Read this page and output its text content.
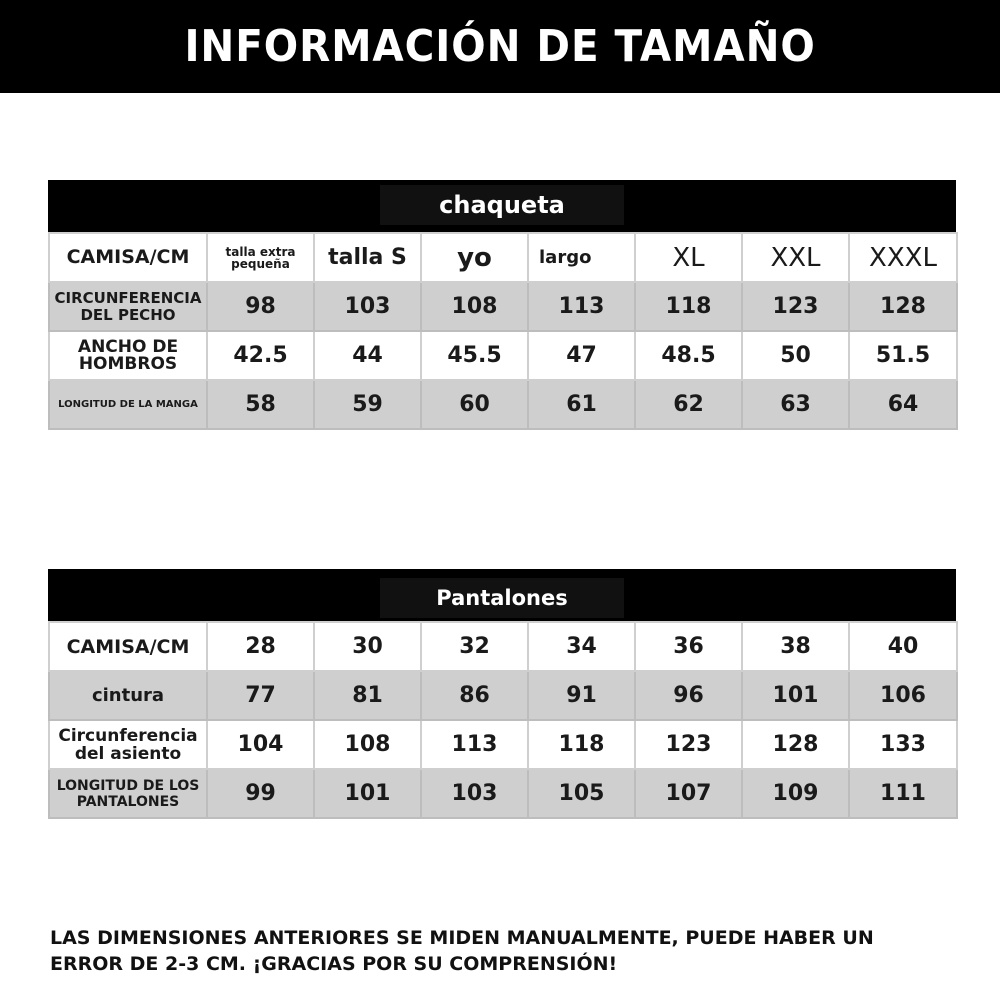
INFORMACIÓN DE TAMAÑO
chaqueta
CAMISA/CM	talla extra pequeña	talla S	yo	largo	XL	XXL	XXXL
CIRCUNFERENCIA DEL PECHO	98	103	108	113	118	123	128
ANCHO DE HOMBROS	42.5	44	45.5	47	48.5	50	51.5
LONGITUD DE LA MANGA	58	59	60	61	62	63	64
Pantalones
CAMISA/CM	28	30	32	34	36	38	40
cintura	77	81	86	91	96	101	106
Circunferencia del asiento	104	108	113	118	123	128	133
LONGITUD DE LOS PANTALONES	99	101	103	105	107	109	111
LAS DIMENSIONES ANTERIORES SE MIDEN MANUALMENTE, PUEDE HABER UN
ERROR DE 2-3 CM. ¡GRACIAS POR SU COMPRENSIÓN!
